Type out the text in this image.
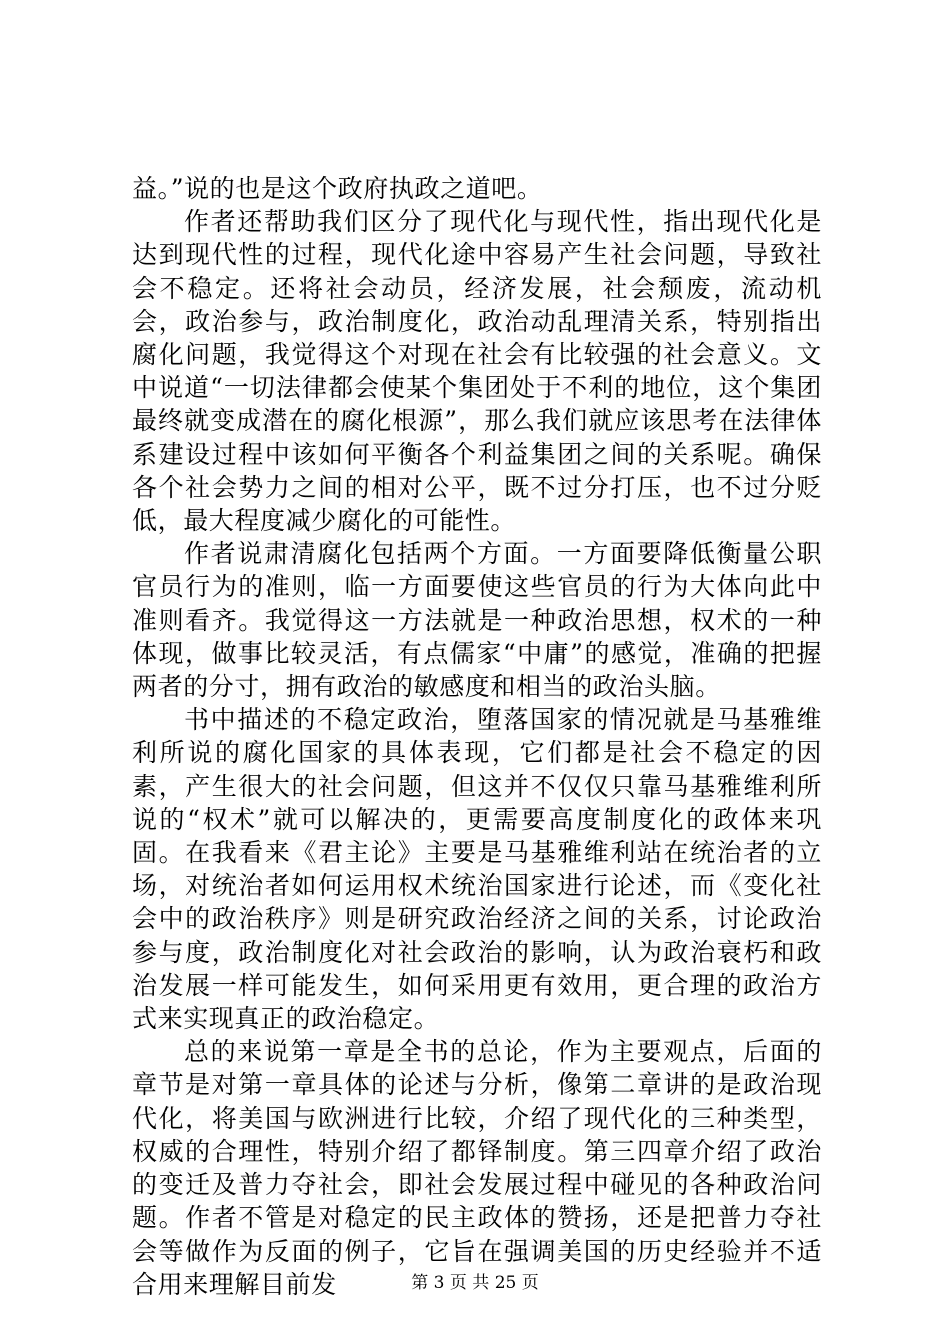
益。”说的也是这个政府执政之道吧。

作者还帮助我们区分了现代化与现代性，指出现代化是达到现代性的过程，现代化途中容易产生社会问题，导致社会不稳定。还将社会动员，经济发展，社会颓废，流动机会，政治参与，政治制度化，政治动乱理清关系，特别指出腐化问题，我觉得这个对现在社会有比较强的社会意义。文中说道“一切法律都会使某个集团处于不利的地位，这个集团最终就变成潜在的腐化根源”，那么我们就应该思考在法律体系建设过程中该如何平衡各个利益集团之间的关系呢。确保各个社会势力之间的相对公平，既不过分打压，也不过分贬低，最大程度减少腐化的可能性。

作者说肃清腐化包括两个方面。一方面要降低衡量公职官员行为的准则，临一方面要使这些官员的行为大体向此中准则看齐。我觉得这一方法就是一种政治思想，权术的一种体现，做事比较灵活，有点儒家“中庸”的感觉，准确的把握两者的分寸，拥有政治的敏感度和相当的政治头脑。

书中描述的不稳定政治，堕落国家的情况就是马基雅维利所说的腐化国家的具体表现，它们都是社会不稳定的因素，产生很大的社会问题，但这并不仅仅只靠马基雅维利所说的“权术”就可以解决的，更需要高度制度化的政体来巩固。在我看来《君主论》主要是马基雅维利站在统治者的立场，对统治者如何运用权术统治国家进行论述，而《变化社会中的政治秩序》则是研究政治经济之间的关系，讨论政治参与度，政治制度化对社会政治的影响，认为政治衰朽和政治发展一样可能发生，如何采用更有效用，更合理的政治方式来实现真正的政治稳定。

总的来说第一章是全书的总论，作为主要观点，后面的章节是对第一章具体的论述与分析，像第二章讲的是政治现代化，将美国与欧洲进行比较，介绍了现代化的三种类型，权威的合理性，特别介绍了都铎制度。第三四章介绍了政治的变迁及普力夺社会，即社会发展过程中碰见的各种政治问题。作者不管是对稳定的民主政体的赞扬，还是把普力夺社会等做作为反面的例子，它旨在强调美国的历史经验并不适合用来理解目前发	第 3 页 共 25 页
